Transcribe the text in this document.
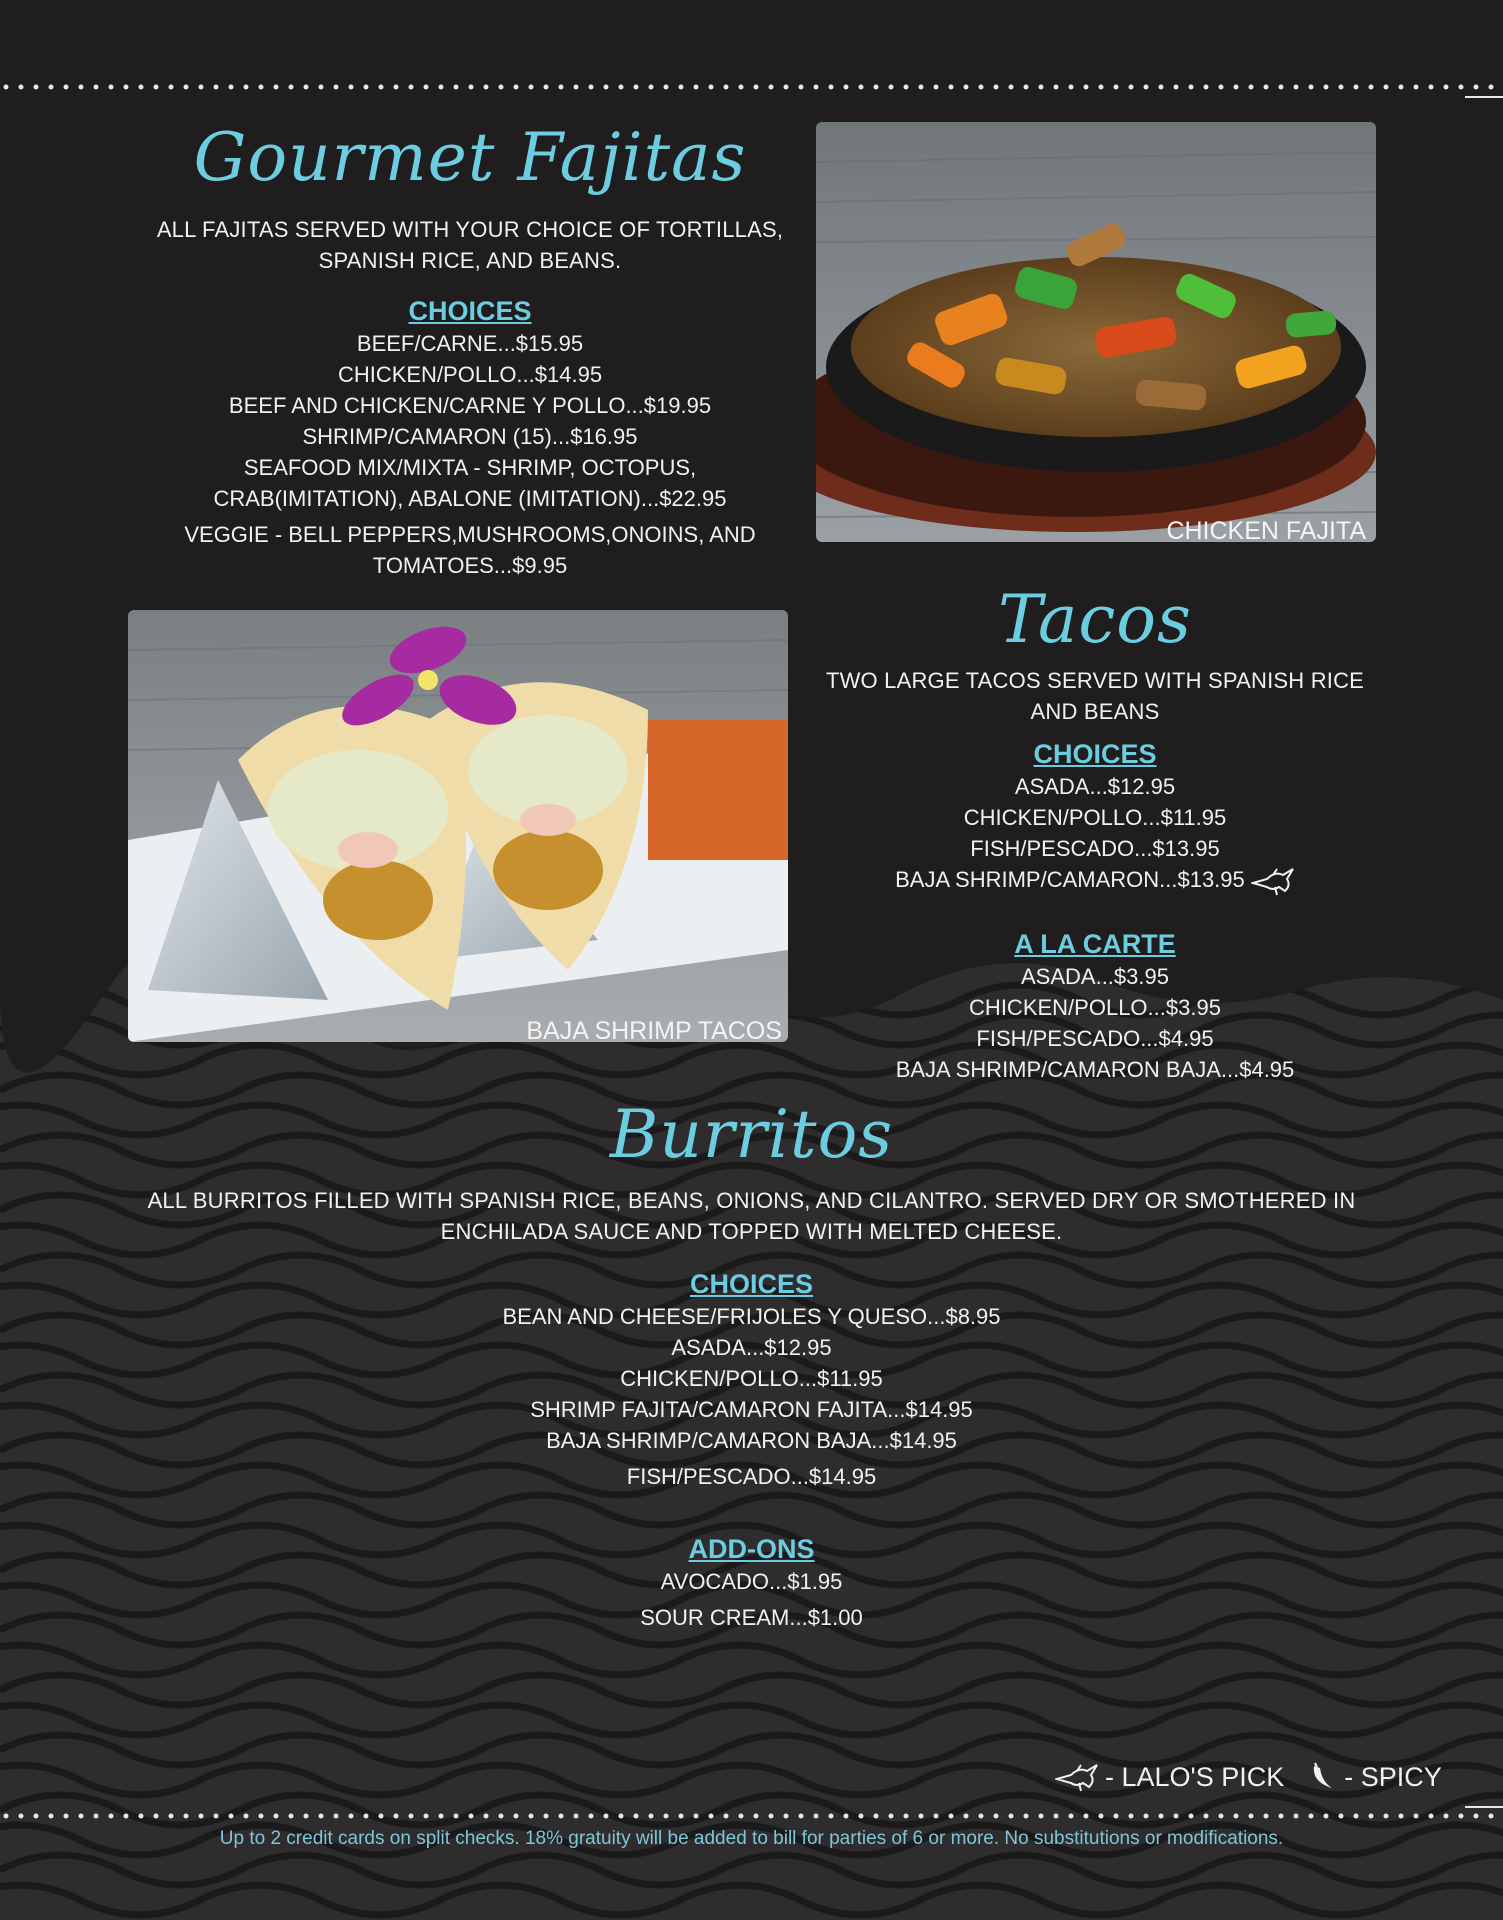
Gourmet Fajitas

ALL FAJITAS SERVED WITH YOUR CHOICE OF TORTILLAS, SPANISH RICE, AND BEANS.

CHOICES
BEEF/CARNE...$15.95
CHICKEN/POLLO...$14.95
BEEF AND CHICKEN/CARNE Y POLLO...$19.95
SHRIMP/CAMARON (15)...$16.95
SEAFOOD MIX/MIXTA - SHRIMP, OCTOPUS, CRAB(IMITATION), ABALONE (IMITATION)...$22.95
VEGGIE - BELL PEPPERS,MUSHROOMS,ONOINS, AND TOMATOES...$9.95
CHICKEN FAJITA
BAJA SHRIMP TACOS
Tacos

TWO LARGE TACOS SERVED WITH SPANISH RICE AND BEANS

CHOICES
ASADA...$12.95
CHICKEN/POLLO...$11.95
FISH/PESCADO...$13.95
BAJA SHRIMP/CAMARON...$13.95
A LA CARTE
ASADA...$3.95
CHICKEN/POLLO...$3.95
FISH/PESCADO...$4.95
BAJA SHRIMP/CAMARON BAJA...$4.95
Burritos

ALL BURRITOS FILLED WITH SPANISH RICE, BEANS, ONIONS, AND CILANTRO. SERVED DRY OR SMOTHERED IN ENCHILADA SAUCE AND TOPPED WITH MELTED CHEESE.

CHOICES
BEAN AND CHEESE/FRIJOLES Y QUESO...$8.95
ASADA...$12.95
CHICKEN/POLLO...$11.95
SHRIMP FAJITA/CAMARON FAJITA...$14.95
BAJA SHRIMP/CAMARON BAJA...$14.95
FISH/PESCADO...$14.95
ADD-ONS
AVOCADO...$1.95
SOUR CREAM...$1.00
- LALO'S PICK - SPICY
Up to 2 credit cards on split checks. 18% gratuity will be added to bill for parties of 6 or more. No substitutions or modifications.
